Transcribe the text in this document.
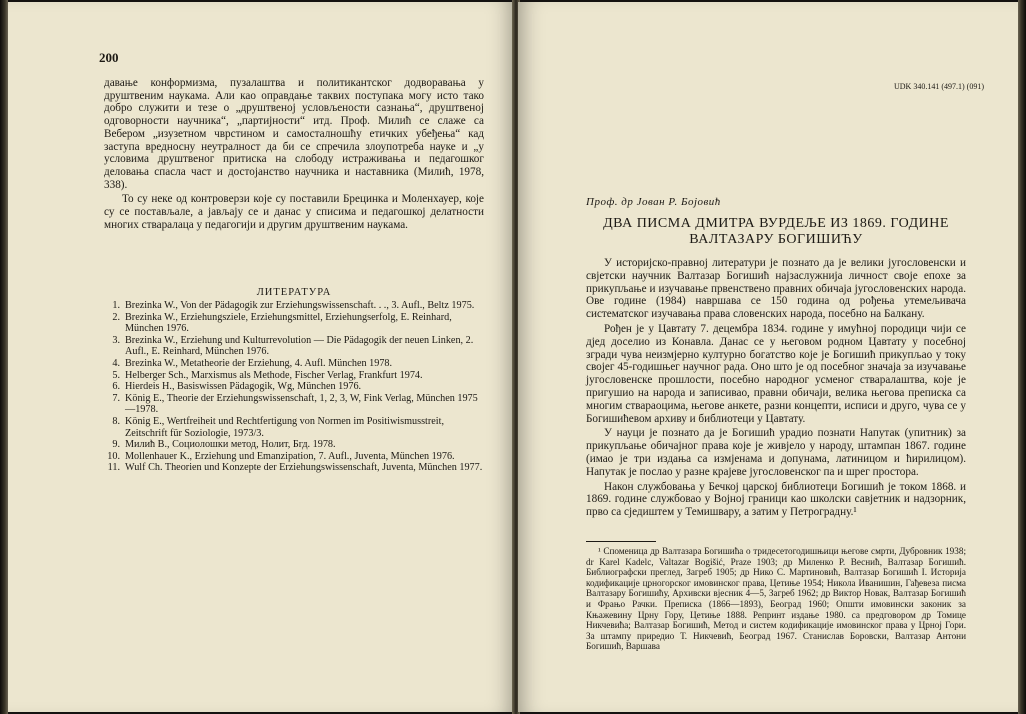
200

давање конформизма, пузалаштва и политикантског додворавања у друштвеним наукама. Али као оправдање таквих поступака могу исто тако добро служити и тезе о „друштвеној условљености сазнања“, друштвеној одговорности научника“, „партијности“ итд. Проф. Милић се слаже са Вебером „изузетном чврстином и самосталношћу етичких убеђења“ кад заступа вредносну неутралност да би се спречила злоупотреба науке и „у условима друштвеног притиска на слободу истраживања и педагошког деловања спасла част и достојанство научника и наставника (Милић, 1978, 338).

То су неке од контроверзи које су поставили Брецинка и Моленхауер, које су се постављале, а јављају се и данас у списима и педагошкој делатности многих стваралаца у педагогији и другим друштвеним наукама.

ЛИТЕРАТУРА
1. Brezinka W., Von der Pädagogik zur Erziehungswissenschaft. . ., 3. Aufl., Beltz 1975.
2. Brezinka W., Erziehungsziele, Erziehungsmittel, Erziehungserfolg, E. Reinhard, München 1976.
3. Brezinka W., Erziehung und Kulturrevolution — Die Pädagogik der neuen Linken, 2. Aufl., E. Reinhard, München 1976.
4. Brezinka W., Metatheorie der Erziehung, 4. Aufl. München 1978.
5. Helberger Sch., Marxismus als Methode, Fischer Verlag, Frankfurt 1974.
6. Hierdeis H., Basiswissen Pädagogik, Wg, München 1976.
7. König E., Theorie der Erziehungswissenschaft, 1, 2, 3, W, Fink Verlag, München 1975—1978.
8. König E., Wertfreiheit und Rechtfertigung von Normen im Positiwismusstreit, Zeitschrift für Soziologie, 1973/3.
9. Милић В., Социолошки метод, Нолит, Бгд. 1978.
10. Mollenhauer K., Erziehung und Emanzipation, 7. Aufl., Juventa, München 1976.
11. Wulf Ch. Theorien und Konzepte der Erziehungswissenschaft, Juventa, München 1977.
UDK 340.141 (497.1) (091)
Проф. др Јован Р. Бојовић
ДВА ПИСМА ДМИТРА ВУРДЕЉЕ ИЗ 1869. ГОДИНЕ ВАЛТАЗАРУ БОГИШИЋУ

У историјско-правној литератури је познато да је велики југословенски и свјетски научник Валтазар Богишић најзаслужнија личност своје епохе за прикупљање и изучавање првенствено правних обичаја југословенских народа. Ове године (1984) навршава се 150 година од рођења утемељивача систематског изучавања права словенских народа, посебно на Балкану.

Рођен је у Цавтату 7. децембра 1834. године у имућној породици чији се дјед доселио из Конавла. Данас се у његовом родном Цавтату у посебној згради чува неизмјерно културно богатство које је Богишић прикупљао у току својег 45-годишњег научног рада. Оно што је од посебног значаја за изучавање југословенске прошлости, посебно народног усменог стваралаштва, које је пригушио на народа и записивао, правни обичаји, велика његова преписка са многим ствараоцима, његове анкете, разни концепти, исписи и друго, чува се у Богишићевом архиву и библиотеци у Цавтату.

У науци је познато да је Богишић урадио познати Напутак (упитник) за прикупљање обичајног права које је живјело у народу, штампан 1867. године (имао је три издања са измјенама и допунама, латиницом и ћирилицом). Напутак је послао у разне крајеве југословенског па и шрег простора.

Након службовања у Бечкој царској библиотеци Богишић је током 1868. и 1869. године службовао у Војној граници као школски савјетник и надзорник, прво са сједиштем у Темишвару, а затим у Петроградну.¹

¹ Споменица др Валтазара Богишића о тридесетогодишњици његове смрти, Дубровник 1938; dr Karel Kadelc, Valtazar Bogišić, Praze 1903; др Миленко Р. Веснић, Валтазар Богишић. Библиографски преглед, Загреб 1905; др Нико С. Мартиновић, Валтазар Богишић I. Историја кодификације црногорског имовинског права, Цетиње 1954; Никола Иванишин, Гађевеза писма Валтазару Богишићу, Архивски вјесник 4—5, Загреб 1962; др Виктор Новак, Валтазар Богишић и Фрањо Рачки. Преписка (1866—1893), Београд 1960; Општи имовински законик за Књажевину Црну Гору, Цетиње 1888. Репринт издање 1980. са предговором др Томице Никчевића; Валтазар Богишић, Метод и систем кодификације имовинског права у Црној Гори. За штампу приредио Т. Никчевић, Београд 1967. Станислав Боровски, Валтазар Антони Богишић, Варшава
